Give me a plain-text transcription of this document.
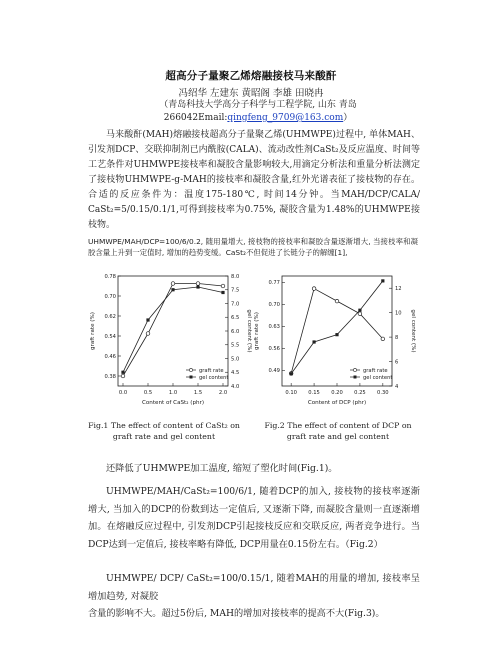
超高分子量聚乙烯熔融接枝马来酸酐
冯绍华 左建东 黄昭阁 李雄 田晓冉
（青岛科技大学高分子科学与工程学院, 山东 青岛 266042Email:qingfeng_9709@163.com）
马来酸酐(MAH)熔融接枝超高分子量聚乙烯(UHMWPE)过程中, 单体MAH、引发剂DCP、交联抑制剂已内酰胺(CALA)、流动改性剂CaSt₂及反应温度、时间等工艺条件对UHMWPE接枝率和凝胶含量影响较大,用滴定分析法和重量分析法测定了接枝物UHMWPE-g-MAH的接枝率和凝胶含量,红外光谱表征了接枝物的存在。合适的反应条件为：温度175-180℃, 时间14分钟。当MAH/DCP/CALA/ CaSt₂=5/0.15/0.1/1,可得到接枝率为0.75%, 凝胶含量为1.48%的UHMWPE接枝物。
UHMWPE/MAH/DCP=100/6/0.2, 随用量增大, 接枝物的接枝率和凝胶含量逐渐增大, 当接枝率和凝胶含量上升到一定值时, 增加的趋势变缓。CaSt₂不但促进了长链分子的解缠[1],
0.0	0.5	1.0	1.5	2.0
0.38
0.46
0.54
0.62
0.70
0.78
4.0
4.5
5.0
5.5
6.0
6.5
7.0
7.5
8.0
Content of CaSt₂ (phr)
graft rate (%)	gel content (%)
graft rate
gel content
0.10 0.15 0.20 0.25 0.30
0.49
0.56
0.63
0.70
0.77
4
6
8
10
12
Content of DCP (phr)
graft rate (%)	gel content (%)
graft rate
gel content
Fig.1 The effect of content of CaSt₂ on
graft rate and gel content
Fig.2 The effect of content of DCP on
graft rate and gel content
还降低了UHMWPE加工温度, 缩短了塑化时间(Fig.1)。
UHMWPE/MAH/CaSt₂=100/6/1, 随着DCP的加入, 接枝物的接枝率逐渐增大, 当加入的DCP的份数到达一定值后, 又逐渐下降, 而凝胶含量则一直逐渐增加。在熔融反应过程中, 引发剂DCP引起接枝反应和交联反应, 两者竞争进行。当DCP达到一定值后, 接枝率略有降低, DCP用量在0.15份左右。（Fig.2）
UHMWPE/ DCP/ CaSt₂=100/0.15/1, 随着MAH的用量的增加, 接枝率呈增加趋势, 对凝胶
含量的影响不大。超过5份后, MAH的增加对接枝率的提高不大(Fig.3)。
